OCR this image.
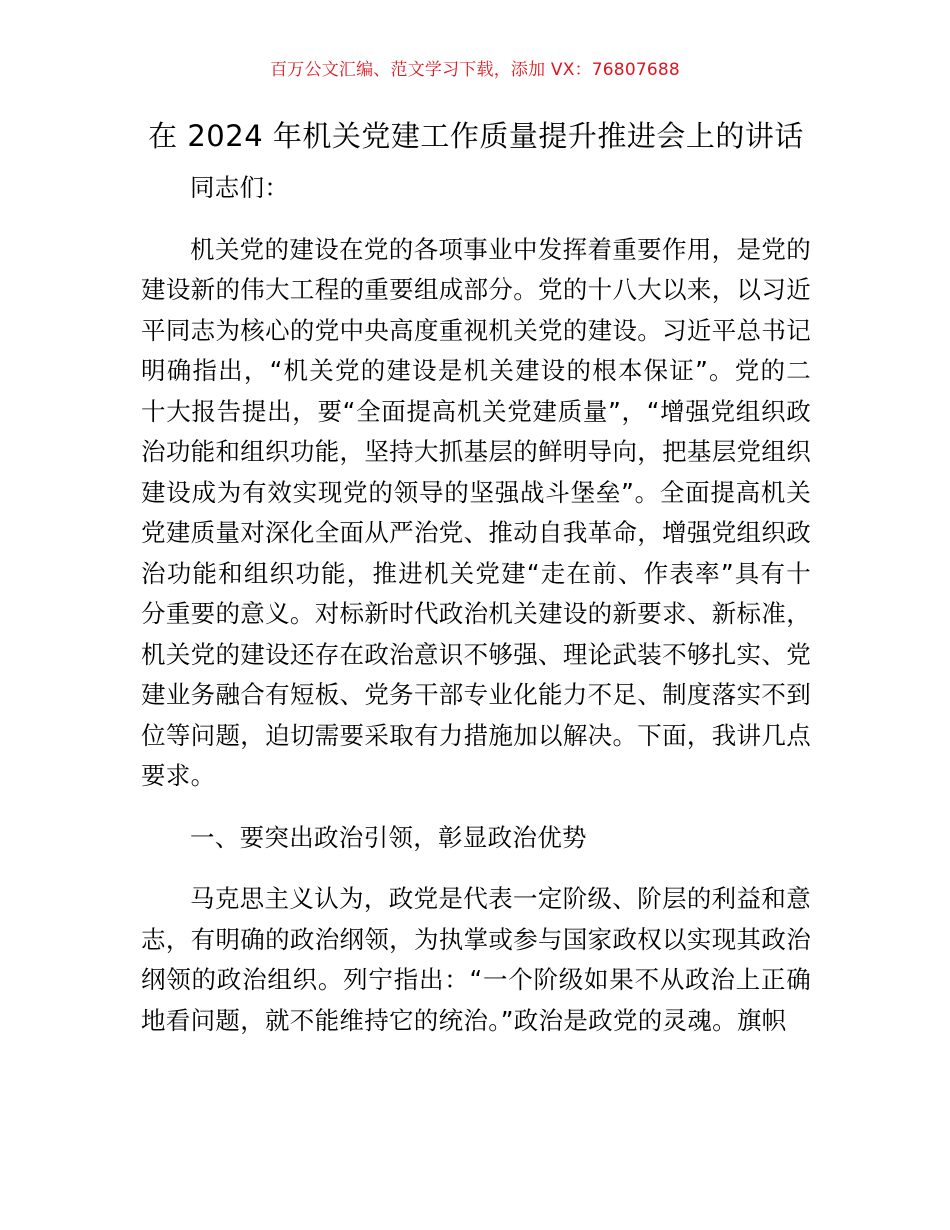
百万公文汇编、范文学习下载，添加 VX：76807688
在 2024 年机关党建工作质量提升推进会上的讲话

同志们：

机关党的建设在党的各项事业中发挥着重要作用，是党的建设新的伟大工程的重要组成部分。党的十八大以来，以习近平同志为核心的党中央高度重视机关党的建设。习近平总书记明确指出，“机关党的建设是机关建设的根本保证”。党的二十大报告提出，要“全面提高机关党建质量”，“增强党组织政治功能和组织功能，坚持大抓基层的鲜明导向，把基层党组织建设成为有效实现党的领导的坚强战斗堡垒”。全面提高机关党建质量对深化全面从严治党、推动自我革命，增强党组织政治功能和组织功能，推进机关党建“走在前、作表率”具有十分重要的意义。对标新时代政治机关建设的新要求、新标准，机关党的建设还存在政治意识不够强、理论武装不够扎实、党建业务融合有短板、党务干部专业化能力不足、制度落实不到位等问题，迫切需要采取有力措施加以解决。下面，我讲几点要求。

一、要突出政治引领，彰显政治优势

马克思主义认为，政党是代表一定阶级、阶层的利益和意志，有明确的政治纲领，为执掌或参与国家政权以实现其政治纲领的政治组织。列宁指出：“一个阶级如果不从政治上正确地看问题，就不能维持它的统治。”政治是政党的灵魂。旗帜
